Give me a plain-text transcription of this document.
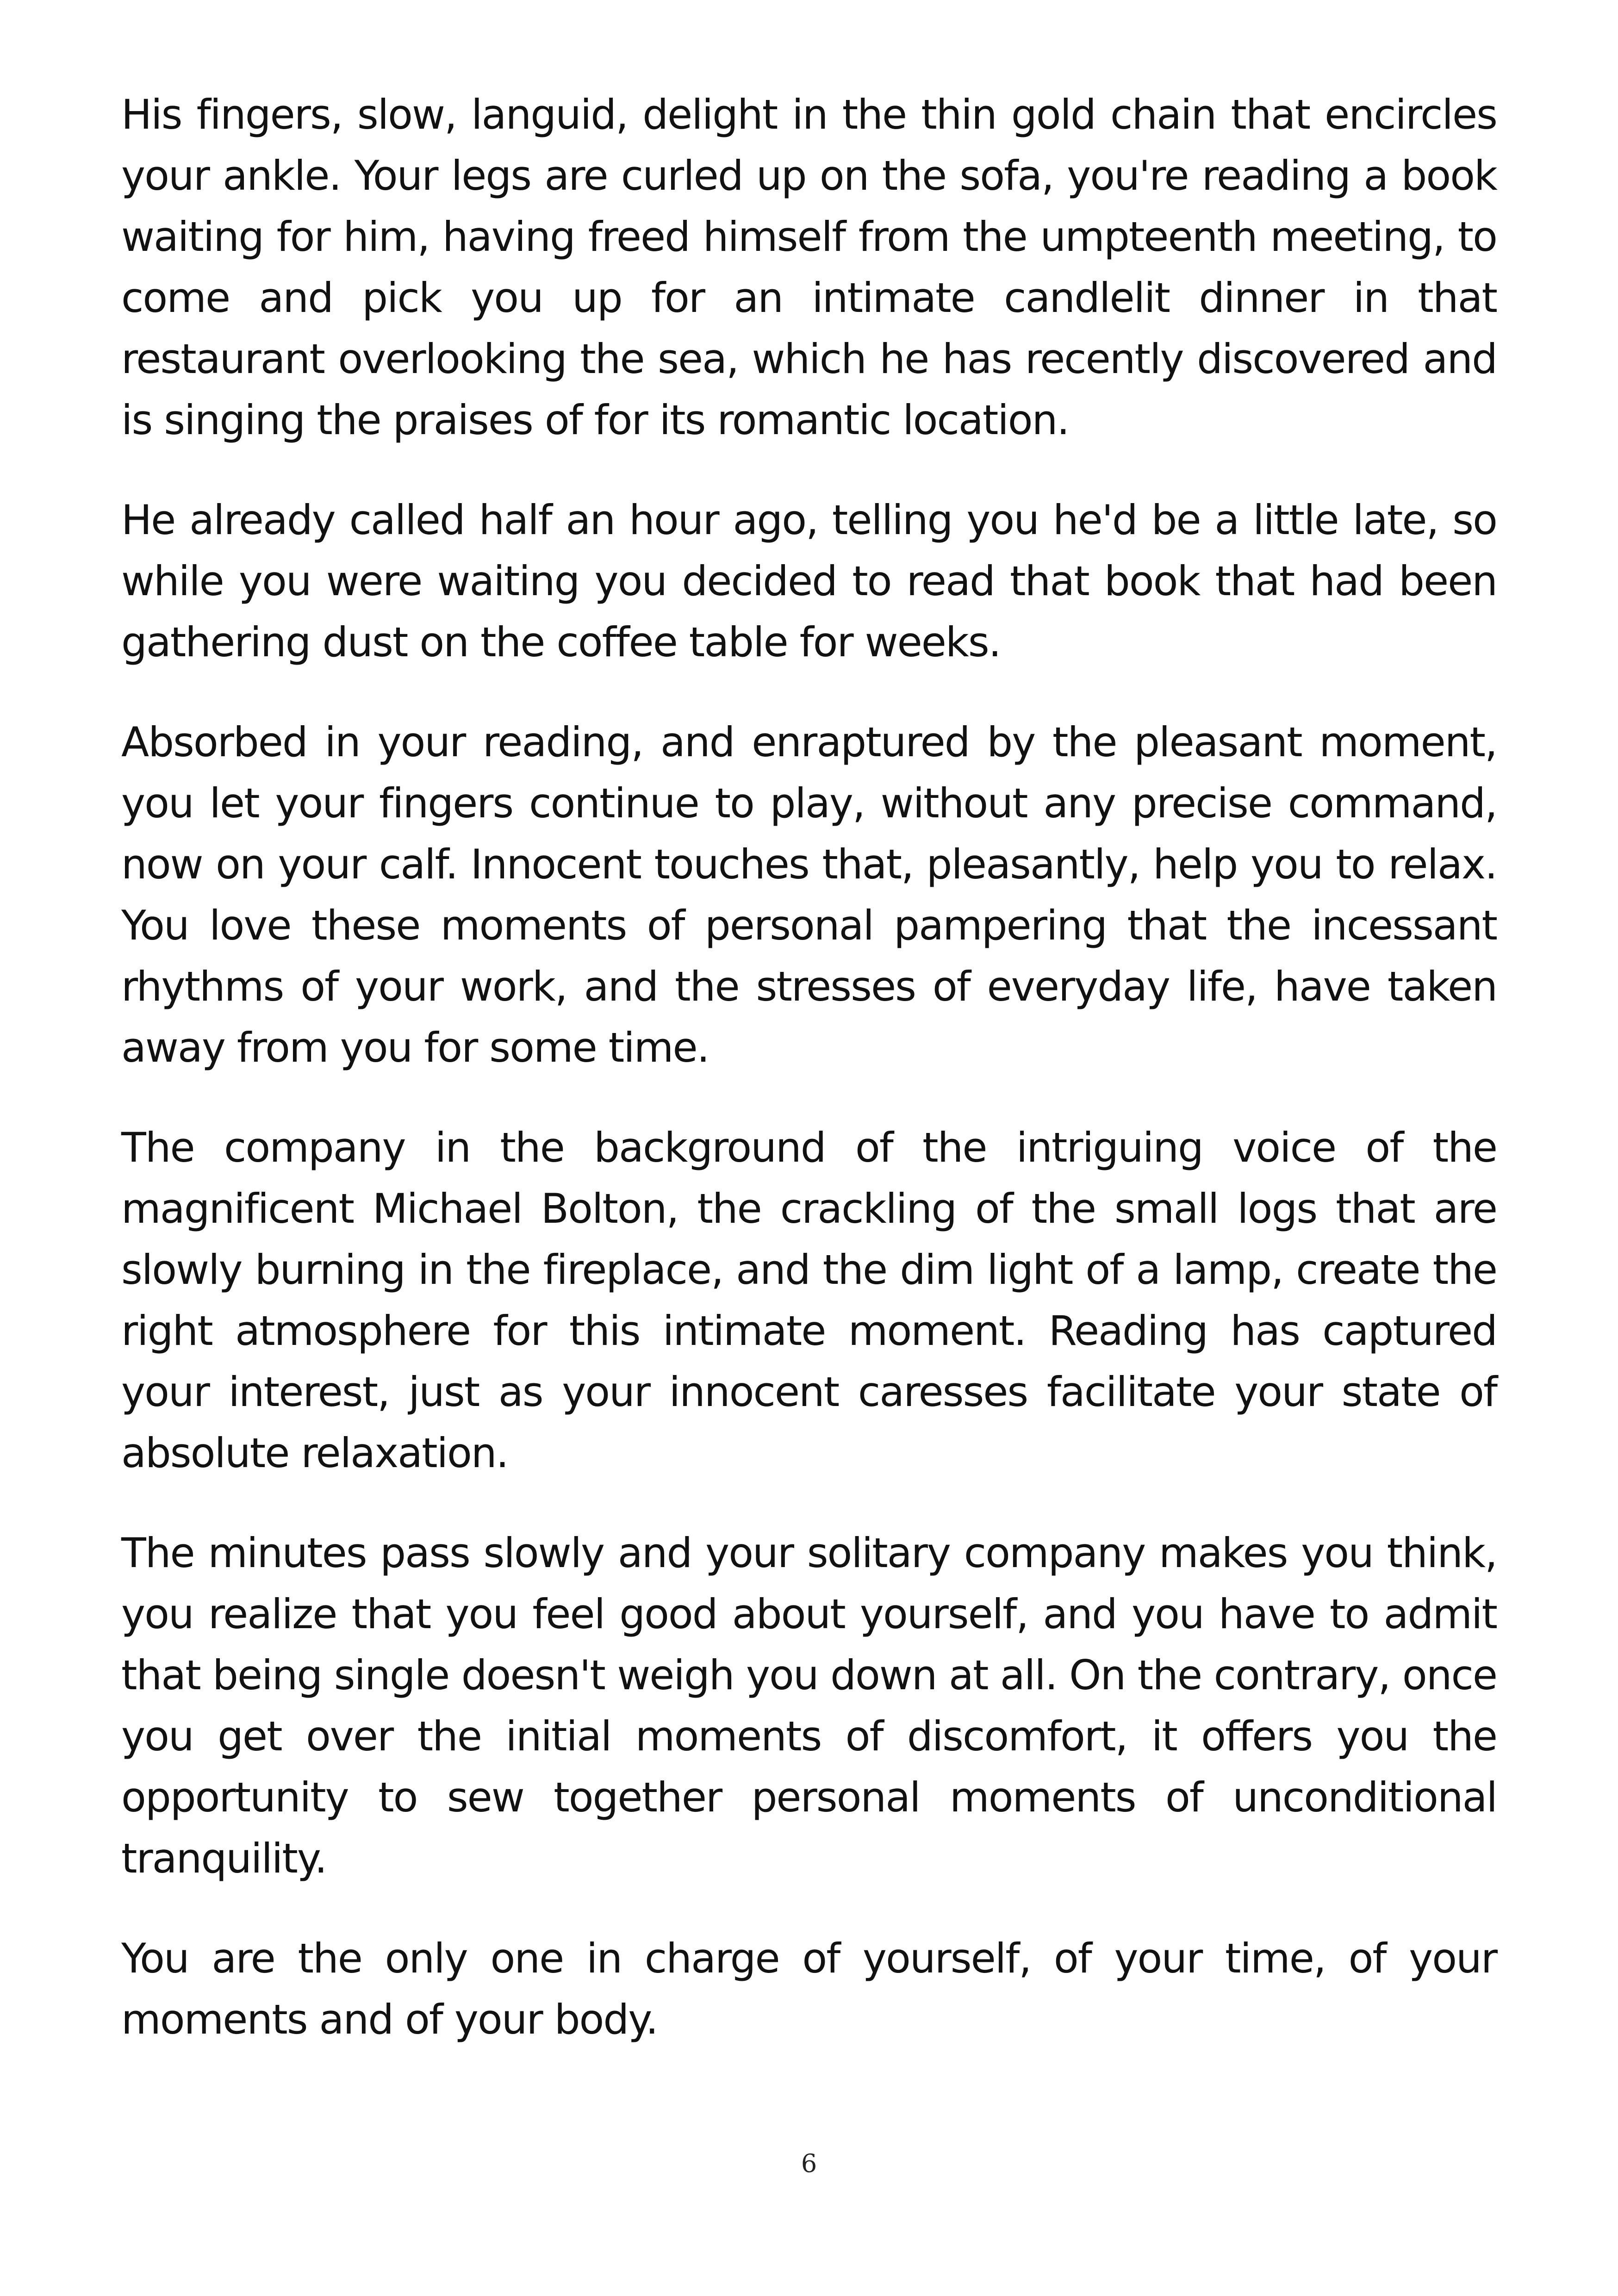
His fingers, slow, languid, delight in the thin gold chain that encircles your ankle. Your legs are curled up on the sofa, you're reading a book waiting for him, having freed himself from the umpteenth meeting, to come and pick you up for an intimate candlelit dinner in that restaurant overlooking the sea, which he has recently discovered and is singing the praises of for its romantic location.

He already called half an hour ago, telling you he'd be a little late, so while you were waiting you decided to read that book that had been gathering dust on the coffee table for weeks.

Absorbed in your reading, and enraptured by the pleasant moment, you let your fingers continue to play, without any precise command, now on your calf. Innocent touches that, pleasantly, help you to relax. You love these moments of personal pampering that the incessant rhythms of your work, and the stresses of everyday life, have taken away from you for some time.

The company in the background of the intriguing voice of the magnificent Michael Bolton, the crackling of the small logs that are slowly burning in the fireplace, and the dim light of a lamp, create the right atmosphere for this intimate moment. Reading has captured your interest, just as your innocent caresses facilitate your state of absolute relaxation.

The minutes pass slowly and your solitary company makes you think, you realize that you feel good about yourself, and you have to admit that being single doesn't weigh you down at all. On the contrary, once you get over the initial moments of discomfort, it offers you the opportunity to sew together personal moments of unconditional tranquility.

You are the only one in charge of yourself, of your time, of your moments and of your body.

6
